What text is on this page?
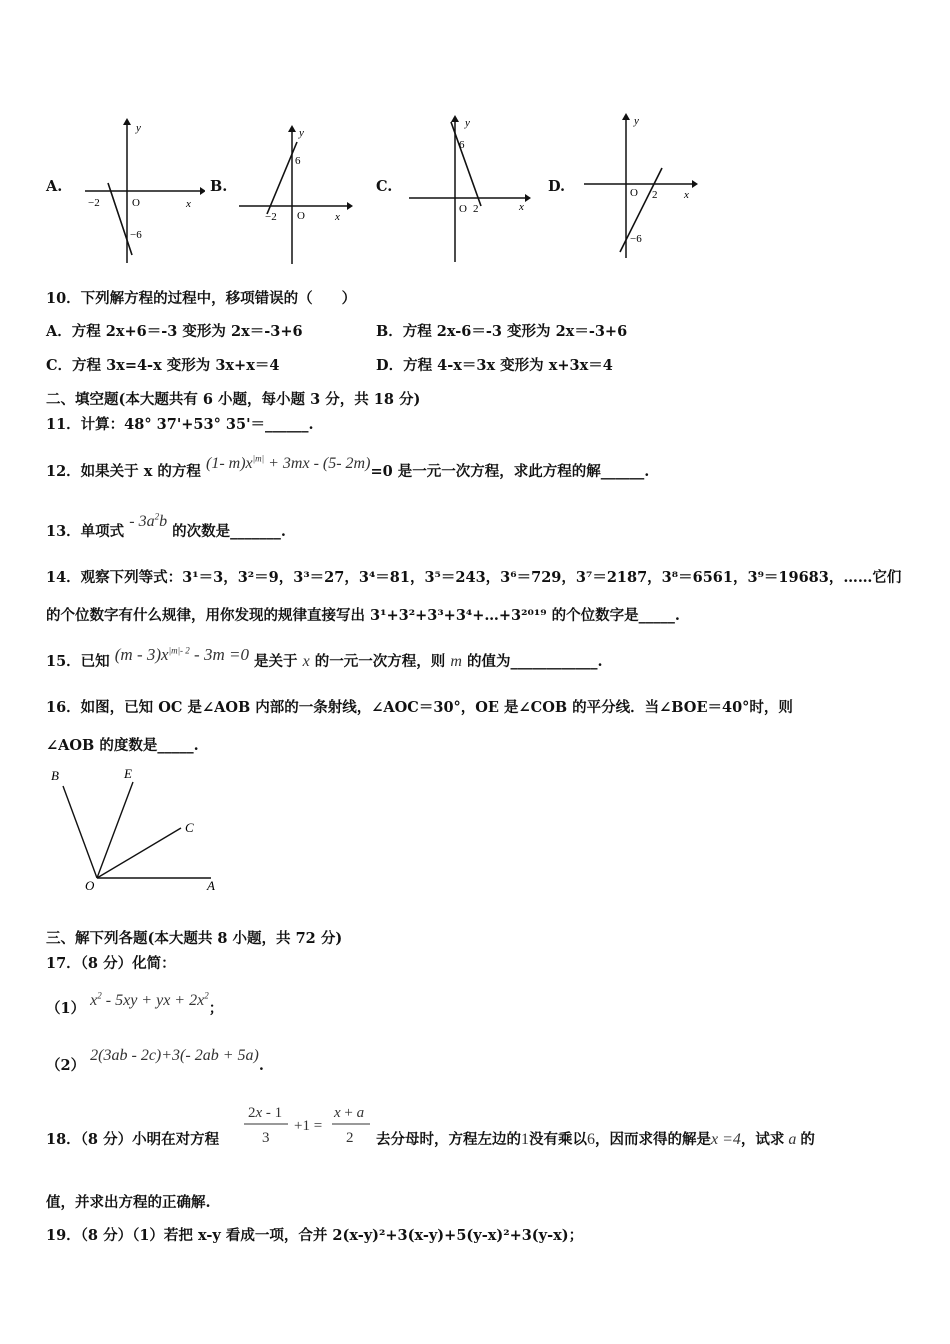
A.
y
x
O
−2
−6
B.
y
x
O
−2
6
C.
y
x
O 2
6
D.
y
x
O 2
−6
10．下列解方程的过程中，移项错误的（　　）
A．方程 2x+6＝-3 变形为 2x＝-3+6	B．方程 2x-6＝-3 变形为 2x＝-3+6
C．方程 3x=4-x 变形为 3x+x＝4	D．方程 4-x＝3x 变形为 x+3x＝4
二、填空题(本大题共有 6 小题，每小题 3 分，共 18 分)
11．计算：48° 37'+53° 35'＝______.
12．如果关于 x 的方程 (1- $m)x^{|m|} + 3mx - (5-$ 2m)=0 是一元一次方程，求此方程的解______.
13．单项式 - $3a^2b$ 的次数是_______.
14．观察下列等式：3¹＝3，3²＝9，3³＝27，3⁴＝81，3⁵＝243，3⁶＝729，3⁷＝2187，3⁸＝6561，3⁹＝19683，……它们
的个位数字有什么规律，用你发现的规律直接写出 3¹+3²+3³+3⁴+…+3²⁰¹⁹ 的个位数字是_____.
15．已知 $(m - 3)x^{|m|- 2} - 3m =0$ 是关于 x 的一元一次方程，则 m 的值为____________.
16．如图，已知 OC 是∠AOB 内部的一条射线，∠AOC＝30°，OE 是∠COB 的平分线．当∠BOE＝40°时，则
∠AOB 的度数是_____.
B	E
C
O	A
三、解下列各题(本大题共 8 小题，共 72 分)
17．（8 分）化简：
（1） $x^2 - 5xy$ + yx + $2x^2$；
（2） 2(3ab - 2c)+3(- 2ab + 5a).
18．（8 分）小明在对方程
2x - 1
3
+1 =
x + a
2 去分母时，方程左边的1没有乘以6，因而求得的解是x =4，试求 a 的
值，并求出方程的正确解.
19．（8 分）（1）若把 x-y 看成一项，合并 2(x-y)²+3(x-y)+5(y-x)²+3(y-x)；
